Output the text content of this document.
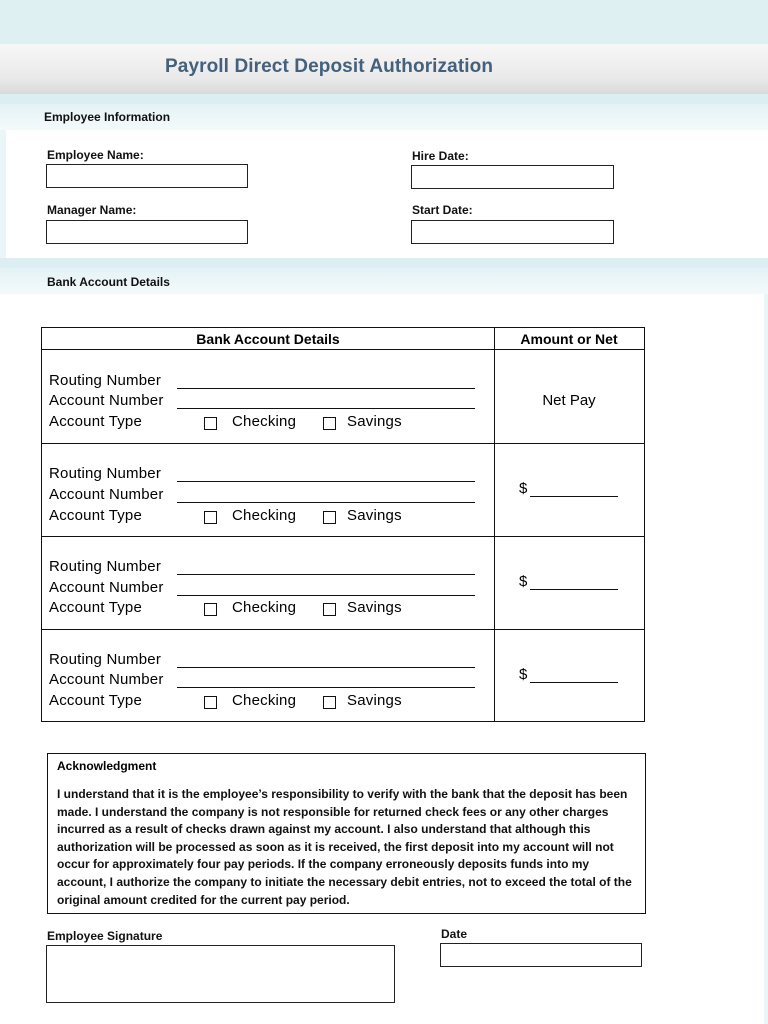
Payroll Direct Deposit Authorization
Employee Information
Employee Name:	Hire Date:
Manager Name:	Start Date:
Bank Account Details
Bank Account Details	Amount or Net
Routing Number
Account Number
Account Type	Checking	Savings
Net Pay
Routing Number
Account Number
Account Type	Checking	Savings
$
Routing Number
Account Number
Account Type	Checking	Savings
$
Routing Number
Account Number
Account Type	Checking	Savings
$
Acknowledgment
I understand that it is the employee’s responsibility to verify with the bank that the deposit has been made. I understand the company is not responsible for returned check fees or any other charges incurred as a result of checks drawn against my account. I also understand that although this authorization will be processed as soon as it is received, the first deposit into my account will not occur for approximately four pay periods. If the company erroneously deposits funds into my account, I authorize the company to initiate the necessary debit entries, not to exceed the total of the original amount credited for the current pay period.
Employee Signature	Date
